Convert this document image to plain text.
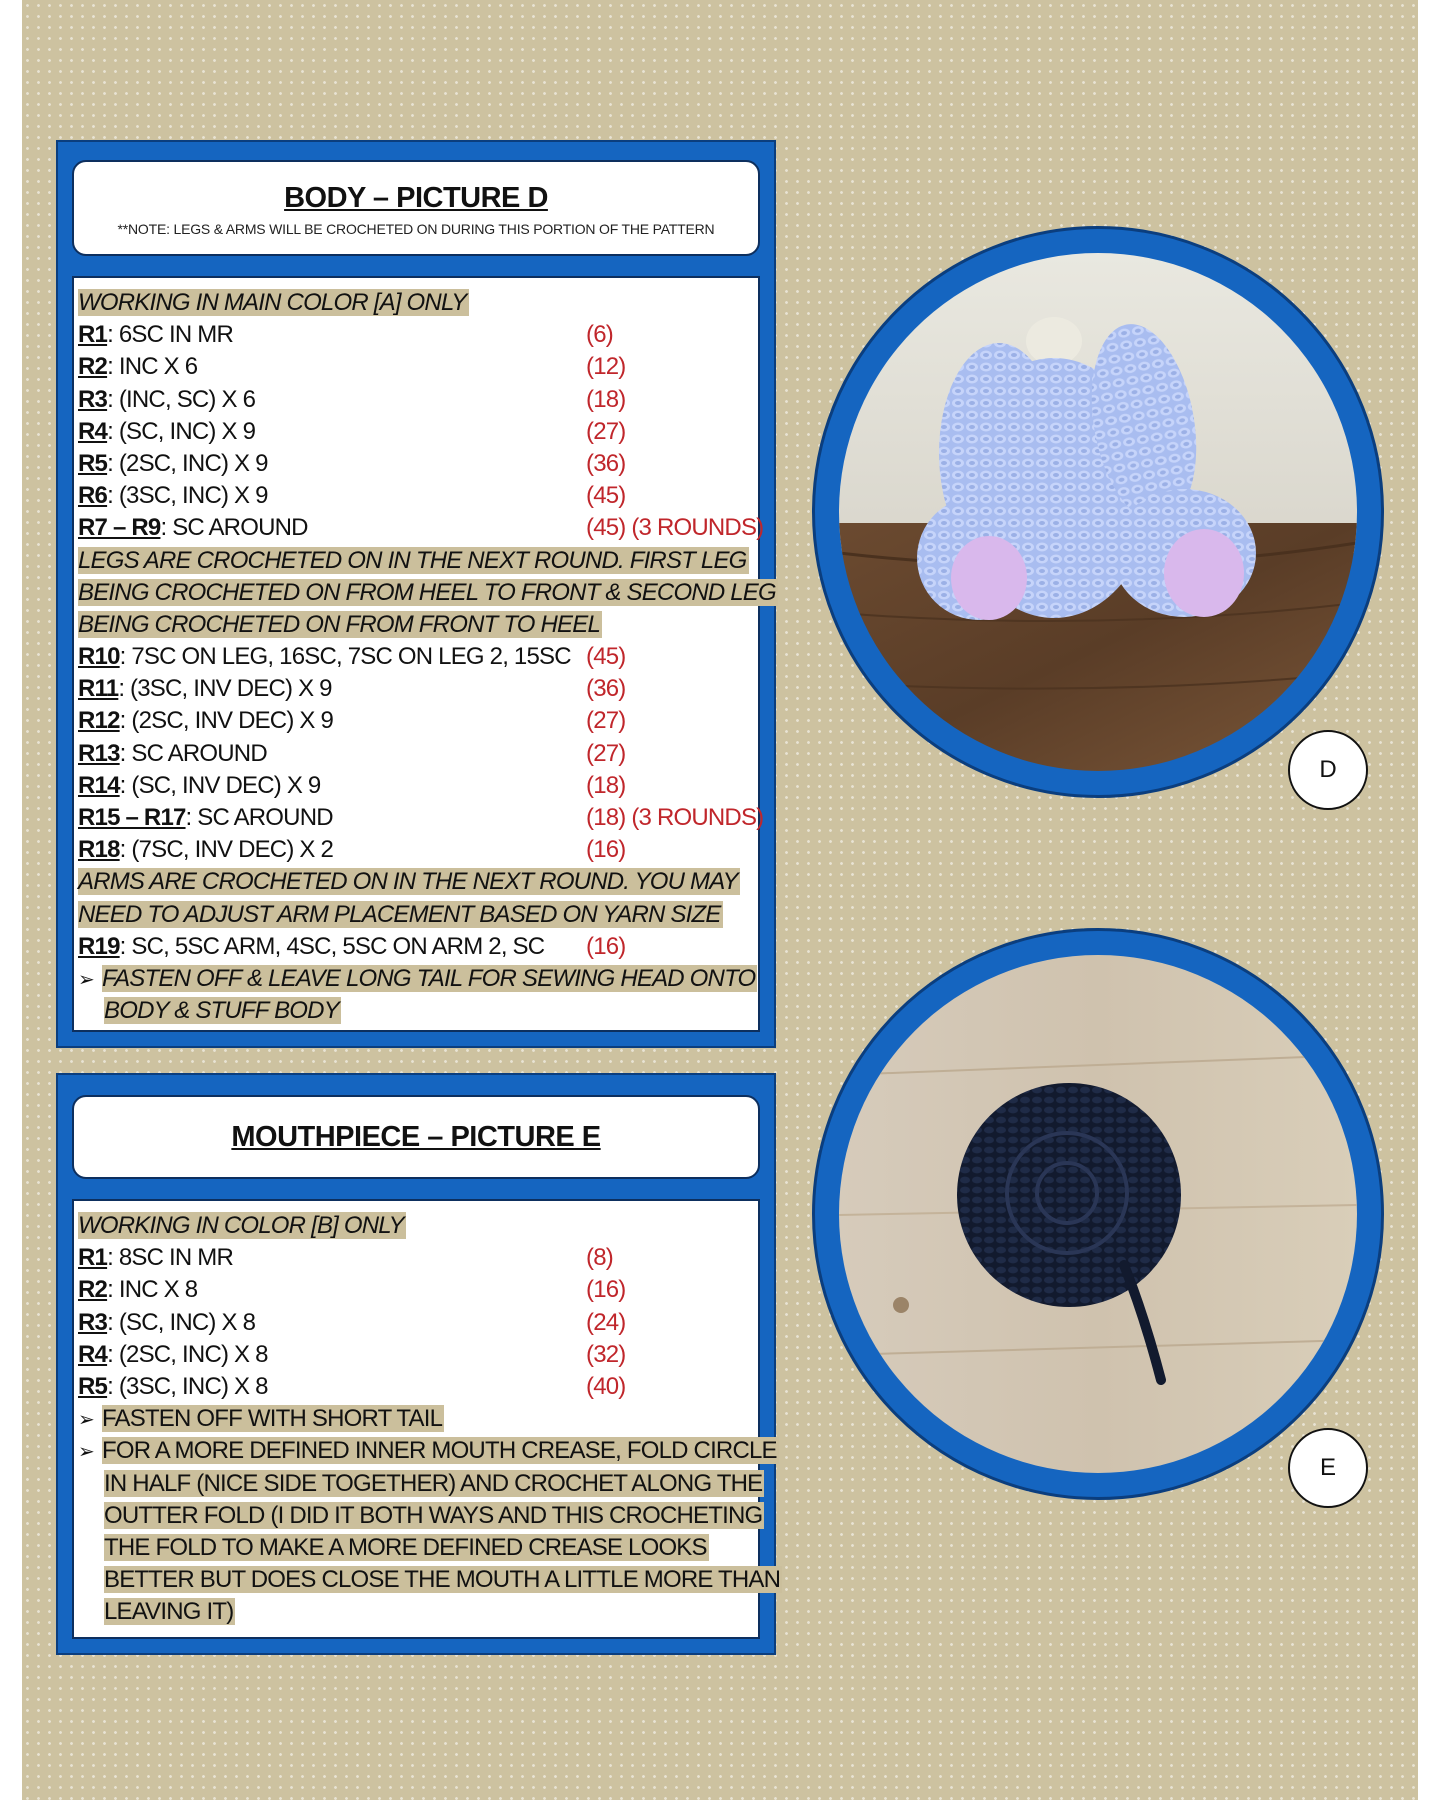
BODY – PICTURE D
**NOTE: LEGS & ARMS WILL BE CROCHETED ON DURING THIS PORTION OF THE PATTERN
WORKING IN MAIN COLOR [A] ONLY
R1: 6SC IN MR	(6)
R2: INC X 6	(12)
R3: (INC, SC) X 6	(18)
R4: (SC, INC) X 9	(27)
R5: (2SC, INC) X 9	(36)
R6: (3SC, INC) X 9	(45)
R7 – R9: SC AROUND	(45) (3 ROUNDS)
LEGS ARE CROCHETED ON IN THE NEXT ROUND. FIRST LEG
BEING CROCHETED ON FROM HEEL TO FRONT & SECOND LEG
BEING CROCHETED ON FROM FRONT TO HEEL
R10: 7SC ON LEG, 16SC, 7SC ON LEG 2, 15SC (45)
R11: (3SC, INV DEC) X 9	(36)
R12: (2SC, INV DEC) X 9	(27)
R13: SC AROUND	(27)
R14: (SC, INV DEC) X 9	(18)
R15 – R17: SC AROUND	(18) (3 ROUNDS)
R18: (7SC, INV DEC) X 2	(16)
ARMS ARE CROCHETED ON IN THE NEXT ROUND. YOU MAY
NEED TO ADJUST ARM PLACEMENT BASED ON YARN SIZE
R19: SC, 5SC ARM, 4SC, 5SC ON ARM 2, SC (16)
➢ FASTEN OFF & LEAVE LONG TAIL FOR SEWING HEAD ONTO
BODY & STUFF BODY
MOUTHPIECE – PICTURE E
WORKING IN COLOR [B] ONLY
R1: 8SC IN MR	(8)
R2: INC X 8	(16)
R3: (SC, INC) X 8	(24)
R4: (2SC, INC) X 8	(32)
R5: (3SC, INC) X 8	(40)
➢ FASTEN OFF WITH SHORT TAIL
➢ FOR A MORE DEFINED INNER MOUTH CREASE, FOLD CIRCLE
IN HALF (NICE SIDE TOGETHER) AND CROCHET ALONG THE
OUTTER FOLD (I DID IT BOTH WAYS AND THIS CROCHETING
THE FOLD TO MAKE A MORE DEFINED CREASE LOOKS
BETTER BUT DOES CLOSE THE MOUTH A LITTLE MORE THAN
LEAVING IT)
D
E
